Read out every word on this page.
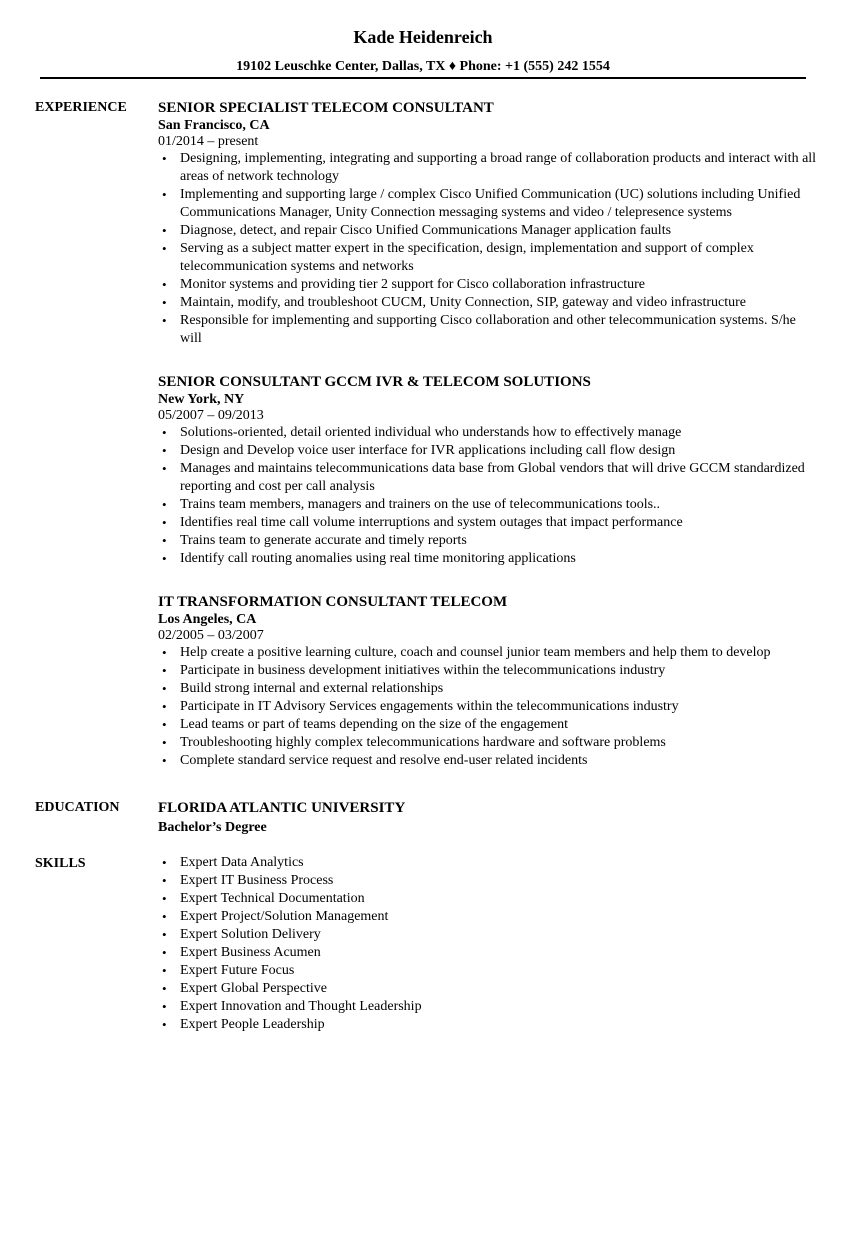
Kade Heidenreich
19102 Leuschke Center, Dallas, TX ♦ Phone: +1 (555) 242 1554
EXPERIENCE SENIOR SPECIALIST TELECOM CONSULTANT
San Francisco, CA
01/2014 – present
• Designing, implementing, integrating and supporting a broad range of collaboration products and interact with all areas of network technology
• Implementing and supporting large / complex Cisco Unified Communication (UC) solutions including Unified Communications Manager, Unity Connection messaging systems and video / telepresence systems
• Diagnose, detect, and repair Cisco Unified Communications Manager application faults
• Serving as a subject matter expert in the specification, design, implementation and support of complex telecommunication systems and networks
• Monitor systems and providing tier 2 support for Cisco collaboration infrastructure
• Maintain, modify, and troubleshoot CUCM, Unity Connection, SIP, gateway and video infrastructure
• Responsible for implementing and supporting Cisco collaboration and other telecommunication systems. S/he will
SENIOR CONSULTANT GCCM IVR & TELECOM SOLUTIONS
New York, NY
05/2007 – 09/2013
• Solutions-oriented, detail oriented individual who understands how to effectively manage
• Design and Develop voice user interface for IVR applications including call flow design
• Manages and maintains telecommunications data base from Global vendors that will drive GCCM standardized reporting and cost per call analysis
• Trains team members, managers and trainers on the use of telecommunications tools..
• Identifies real time call volume interruptions and system outages that impact performance
• Trains team to generate accurate and timely reports
• Identify call routing anomalies using real time monitoring applications
IT TRANSFORMATION CONSULTANT TELECOM
Los Angeles, CA
02/2005 – 03/2007
• Help create a positive learning culture, coach and counsel junior team members and help them to develop
• Participate in business development initiatives within the telecommunications industry
• Build strong internal and external relationships
• Participate in IT Advisory Services engagements within the telecommunications industry
• Lead teams or part of teams depending on the size of the engagement
• Troubleshooting highly complex telecommunications hardware and software problems
• Complete standard service request and resolve end-user related incidents
EDUCATION	FLORIDA ATLANTIC UNIVERSITY
Bachelor’s Degree
SKILLS	• Expert Data Analytics
• Expert IT Business Process
• Expert Technical Documentation
• Expert Project/Solution Management
• Expert Solution Delivery
• Expert Business Acumen
• Expert Future Focus
• Expert Global Perspective
• Expert Innovation and Thought Leadership
• Expert People Leadership
